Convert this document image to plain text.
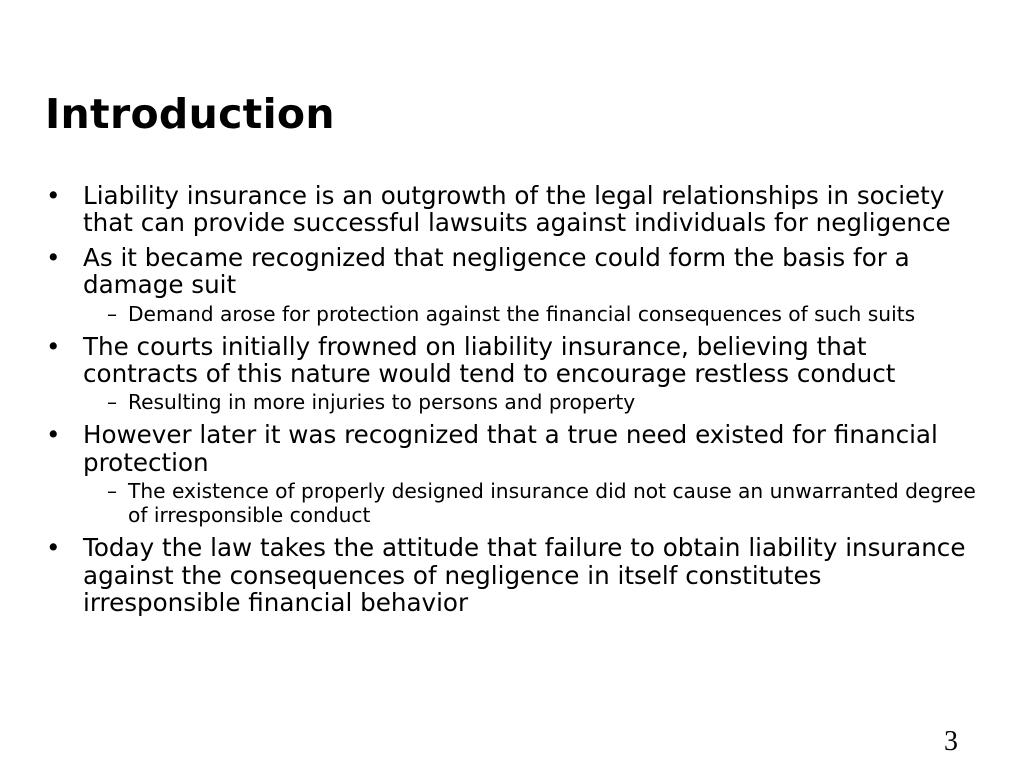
Introduction
• Liability insurance is an outgrowth of the legal relationships in society that can provide successful lawsuits against individuals for negligence
• As it became recognized that negligence could form the basis for a damage suit
– Demand arose for protection against the financial consequences of such suits
• The courts initially frowned on liability insurance, believing that contracts of this nature would tend to encourage restless conduct
– Resulting in more injuries to persons and property
• However later it was recognized that a true need existed for financial protection
– The existence of properly designed insurance did not cause an unwarranted degree of irresponsible conduct
• Today the law takes the attitude that failure to obtain liability insurance against the consequences of negligence in itself constitutes irresponsible financial behavior
3
